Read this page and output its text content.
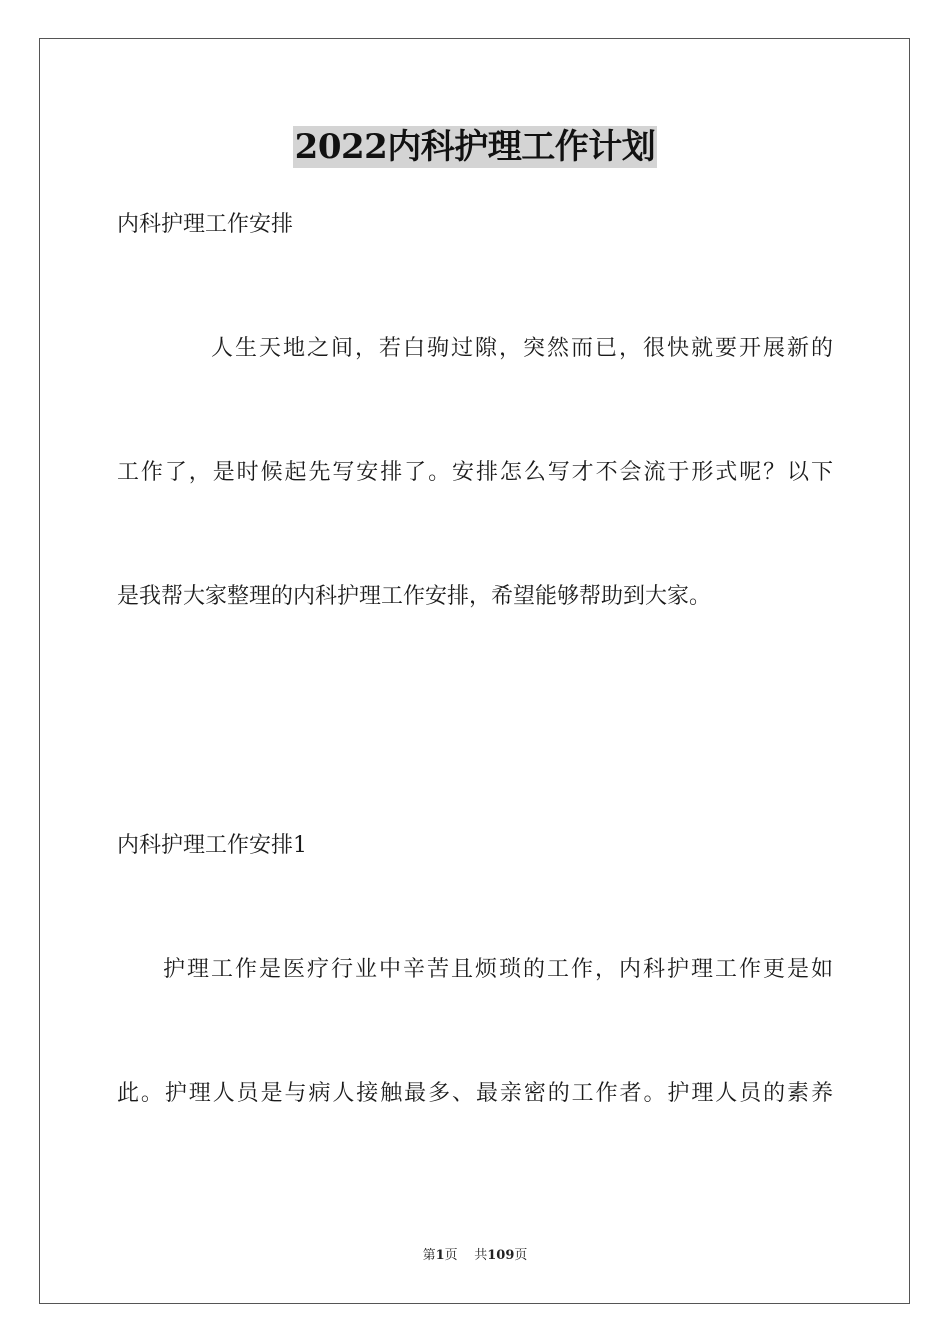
2022内科护理工作计划
内科护理工作安排
人生天地之间，若白驹过隙，突然而已，很快就要开展新的
工作了，是时候起先写安排了。安排怎么写才不会流于形式呢？以下
是我帮大家整理的内科护理工作安排，希望能够帮助到大家。
内科护理工作安排1
护理工作是医疗行业中辛苦且烦琐的工作，内科护理工作更是如
此。护理人员是与病人接触最多、最亲密的工作者。护理人员的素养
第1页 共109页
